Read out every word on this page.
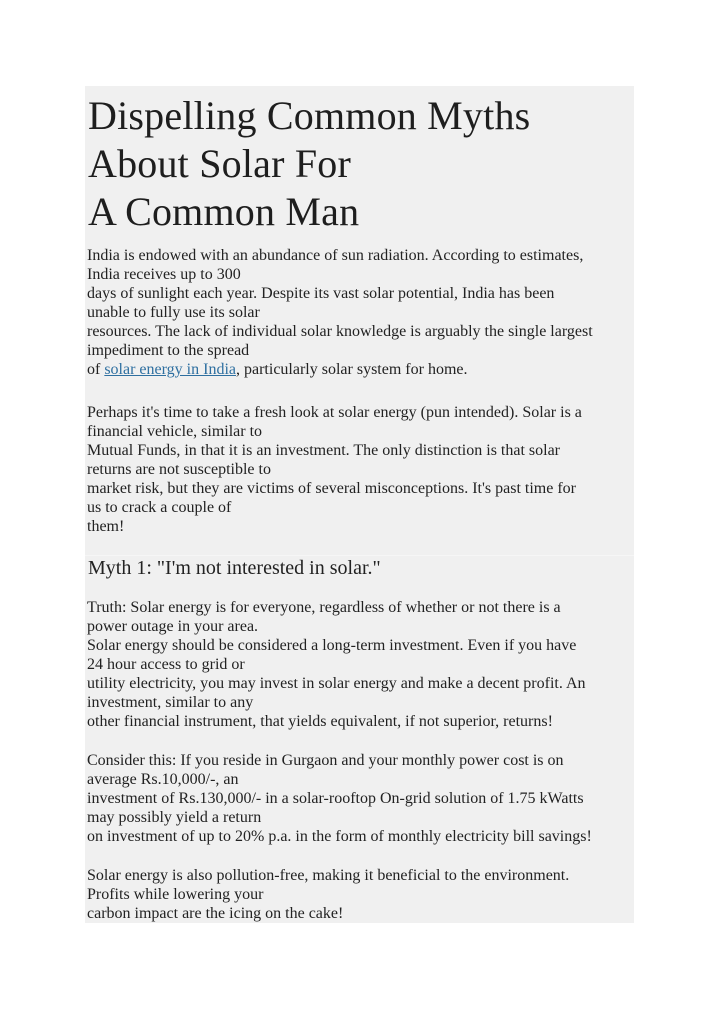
Dispelling Common Myths
About Solar For
A Common Man

India is endowed with an abundance of sun radiation. According to estimates,
India receives up to 300
days of sunlight each year. Despite its vast solar potential, India has been
unable to fully use its solar
resources. The lack of individual solar knowledge is arguably the single largest
impediment to the spread
of solar energy in India, particularly solar system for home.

Perhaps it's time to take a fresh look at solar energy (pun intended). Solar is a
financial vehicle, similar to
Mutual Funds, in that it is an investment. The only distinction is that solar
returns are not susceptible to
market risk, but they are victims of several misconceptions. It's past time for
us to crack a couple of
them!

Myth 1: "I'm not interested in solar."

Truth: Solar energy is for everyone, regardless of whether or not there is a
power outage in your area.
Solar energy should be considered a long-term investment. Even if you have
24 hour access to grid or
utility electricity, you may invest in solar energy and make a decent profit. An
investment, similar to any
other financial instrument, that yields equivalent, if not superior, returns!

Consider this: If you reside in Gurgaon and your monthly power cost is on
average Rs.10,000/-, an
investment of Rs.130,000/- in a solar-rooftop On-grid solution of 1.75 kWatts
may possibly yield a return
on investment of up to 20% p.a. in the form of monthly electricity bill savings!

Solar energy is also pollution-free, making it beneficial to the environment.
Profits while lowering your
carbon impact are the icing on the cake!
